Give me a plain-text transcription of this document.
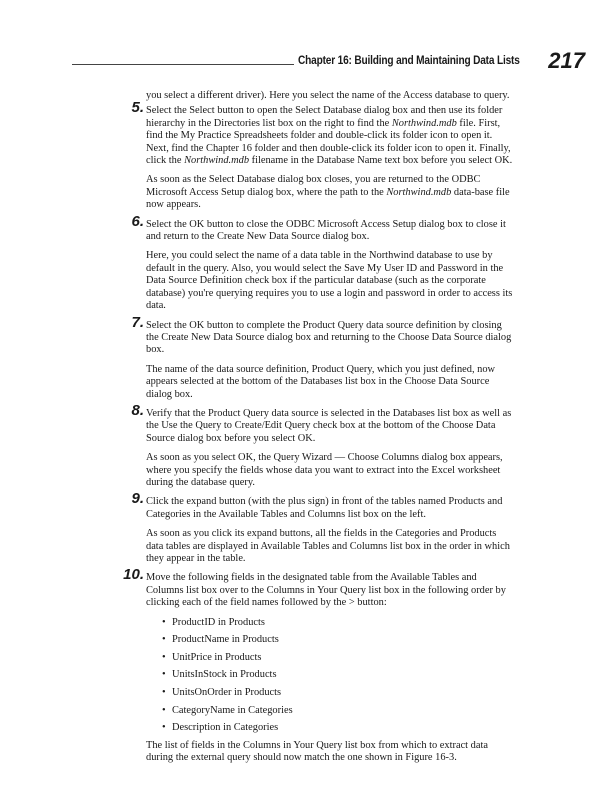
Chapter 16: Building and Maintaining Data Lists 217

you select a different driver). Here you select the name of the Access database to query.

5. Select the Select button to open the Select Database dialog box and then use its folder hierarchy in the Directories list box on the right to find the Northwind.mdb file. First, find the My Practice Spreadsheets folder and double-click its folder icon to open it. Next, find the Chapter 16 folder and then double-click its folder icon to open it. Finally, click the Northwind.mdb filename in the Database Name text box before you select OK.

As soon as the Select Database dialog box closes, you are returned to the ODBC Microsoft Access Setup dialog box, where the path to the Northwind.mdb data-base file now appears.

6. Select the OK button to close the ODBC Microsoft Access Setup dialog box to close it and return to the Create New Data Source dialog box.

Here, you could select the name of a data table in the Northwind database to use by default in the query. Also, you would select the Save My User ID and Password in the Data Source Definition check box if the particular database (such as the corporate database) you're querying requires you to use a login and password in order to access its data.

7. Select the OK button to complete the Product Query data source definition by closing the Create New Data Source dialog box and returning to the Choose Data Source dialog box.

The name of the data source definition, Product Query, which you just defined, now appears selected at the bottom of the Databases list box in the Choose Data Source dialog box.

8. Verify that the Product Query data source is selected in the Databases list box as well as the Use the Query to Create/Edit Query check box at the bottom of the Choose Data Source dialog box before you select OK.

As soon as you select OK, the Query Wizard — Choose Columns dialog box appears, where you specify the fields whose data you want to extract into the Excel worksheet during the database query.

9. Click the expand button (with the plus sign) in front of the tables named Products and Categories in the Available Tables and Columns list box on the left.

As soon as you click its expand buttons, all the fields in the Categories and Products data tables are displayed in Available Tables and Columns list box in the order in which they appear in the table.

10. Move the following fields in the designated table from the Available Tables and Columns list box over to the Columns in Your Query list box in the following order by clicking each of the field names followed by the > button:

• ProductID in Products
• ProductName in Products
• UnitPrice in Products
• UnitsInStock in Products
• UnitsOnOrder in Products
• CategoryName in Categories
• Description in Categories

The list of fields in the Columns in Your Query list box from which to extract data during the external query should now match the one shown in Figure 16-3.
